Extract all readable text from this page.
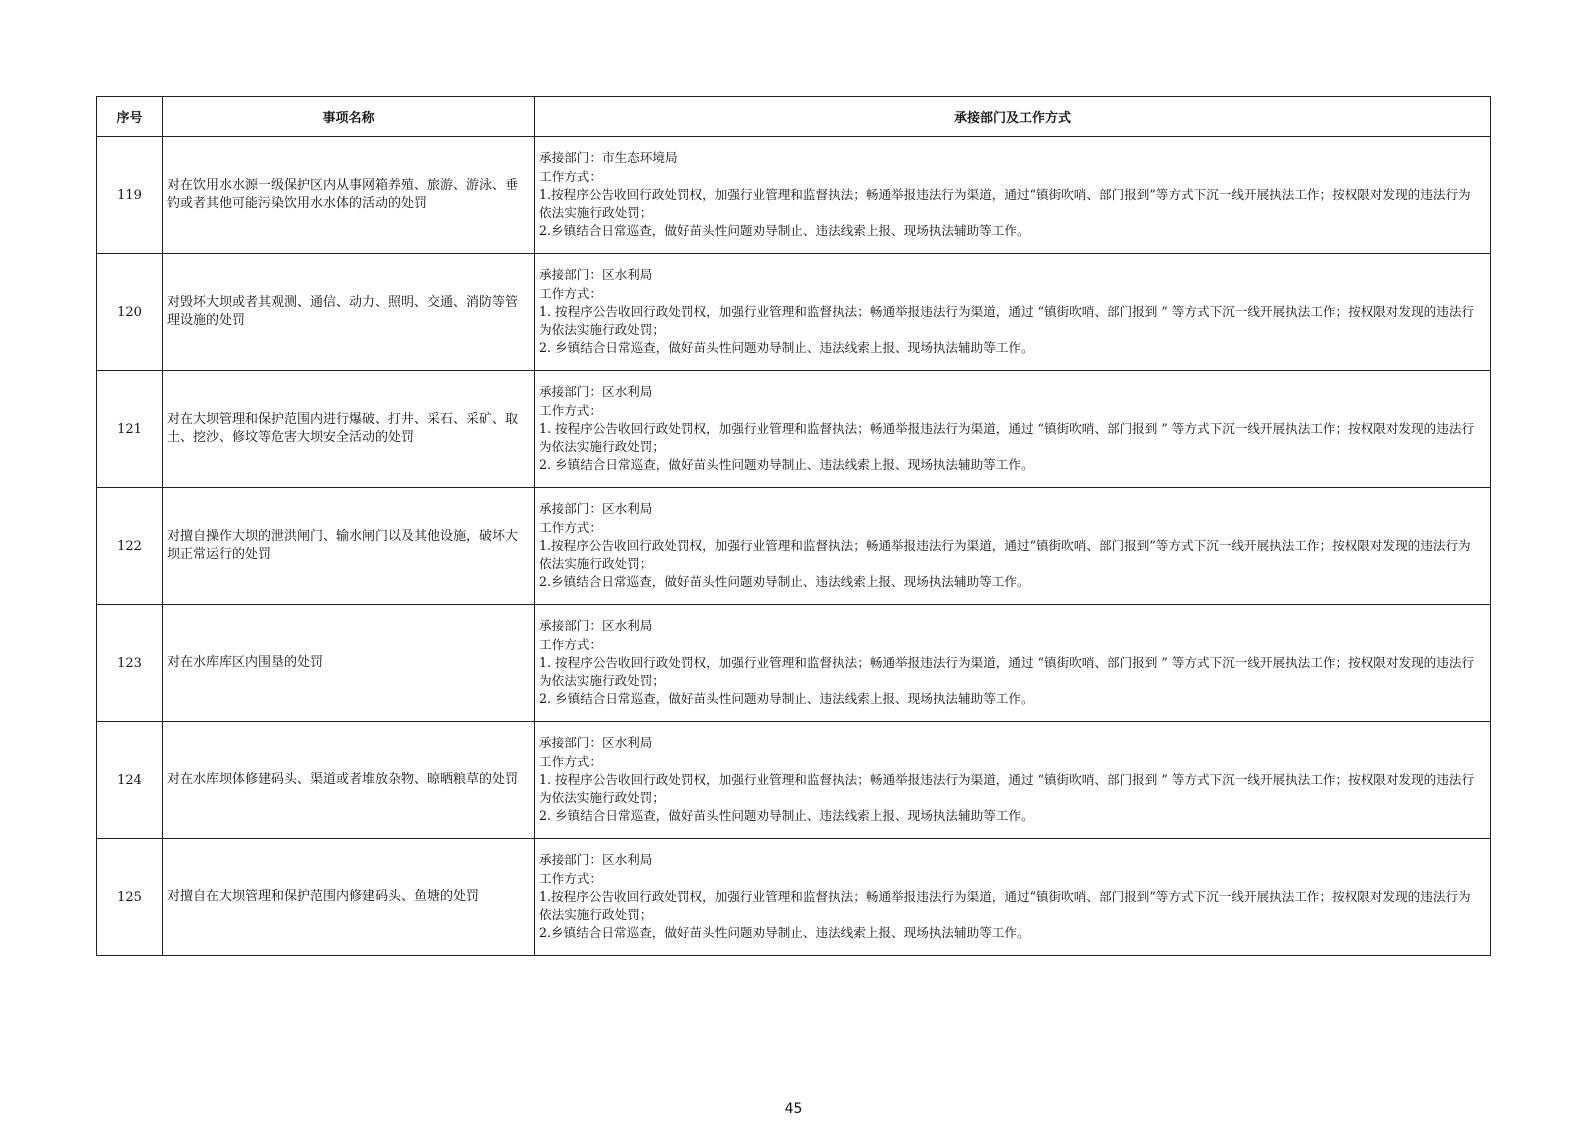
序号	事项名称	承接部门及工作方式
119	对在饮用水水源一级保护区内从事网箱养殖、旅游、游泳、垂钓或者其他可能污染饮用水水体的活动的处罚	承接部门：市生态环境局
工作方式：
1.按程序公告收回行政处罚权，加强行业管理和监督执法；畅通举报违法行为渠道，通过“镇街吹哨、部门报到”等方式下沉一线开展执法工作；按权限对发现的违法行为依法实施行政处罚；
2.乡镇结合日常巡查，做好苗头性问题劝导制止、违法线索上报、现场执法辅助等工作。

120	对毁坏大坝或者其观测、通信、动力、照明、交通、消防等管理设施的处罚	承接部门：区水利局
工作方式：
1. 按程序公告收回行政处罚权，加强行业管理和监督执法；畅通举报违法行为渠道，通过 “镇街吹哨、部门报到 ” 等方式下沉一线开展执法工作；按权限对发现的违法行为依法实施行政处罚；
2. 乡镇结合日常巡查，做好苗头性问题劝导制止、违法线索上报、现场执法辅助等工作。

121	对在大坝管理和保护范围内进行爆破、打井、采石、采矿、取土、挖沙、修坟等危害大坝安全活动的处罚	承接部门：区水利局
工作方式：
1. 按程序公告收回行政处罚权，加强行业管理和监督执法；畅通举报违法行为渠道，通过 “镇街吹哨、部门报到 ” 等方式下沉一线开展执法工作；按权限对发现的违法行为依法实施行政处罚；
2. 乡镇结合日常巡查，做好苗头性问题劝导制止、违法线索上报、现场执法辅助等工作。

122	对擅自操作大坝的泄洪闸门、输水闸门以及其他设施，破坏大坝正常运行的处罚	承接部门：区水利局
工作方式：
1.按程序公告收回行政处罚权，加强行业管理和监督执法；畅通举报违法行为渠道，通过“镇街吹哨、部门报到”等方式下沉一线开展执法工作；按权限对发现的违法行为依法实施行政处罚；
2.乡镇结合日常巡查，做好苗头性问题劝导制止、违法线索上报、现场执法辅助等工作。

123	对在水库库区内围垦的处罚	承接部门：区水利局
工作方式：
1. 按程序公告收回行政处罚权，加强行业管理和监督执法；畅通举报违法行为渠道，通过 “镇街吹哨、部门报到 ” 等方式下沉一线开展执法工作；按权限对发现的违法行为依法实施行政处罚；
2. 乡镇结合日常巡查，做好苗头性问题劝导制止、违法线索上报、现场执法辅助等工作。

124	对在水库坝体修建码头、渠道或者堆放杂物、晾晒粮草的处罚	承接部门：区水利局
工作方式：
1. 按程序公告收回行政处罚权，加强行业管理和监督执法；畅通举报违法行为渠道，通过 “镇街吹哨、部门报到 ” 等方式下沉一线开展执法工作；按权限对发现的违法行为依法实施行政处罚；
2. 乡镇结合日常巡查，做好苗头性问题劝导制止、违法线索上报、现场执法辅助等工作。

125	对擅自在大坝管理和保护范围内修建码头、鱼塘的处罚	承接部门：区水利局
工作方式：
1.按程序公告收回行政处罚权，加强行业管理和监督执法；畅通举报违法行为渠道，通过“镇街吹哨、部门报到”等方式下沉一线开展执法工作；按权限对发现的违法行为依法实施行政处罚；
2.乡镇结合日常巡查，做好苗头性问题劝导制止、违法线索上报、现场执法辅助等工作。
45
